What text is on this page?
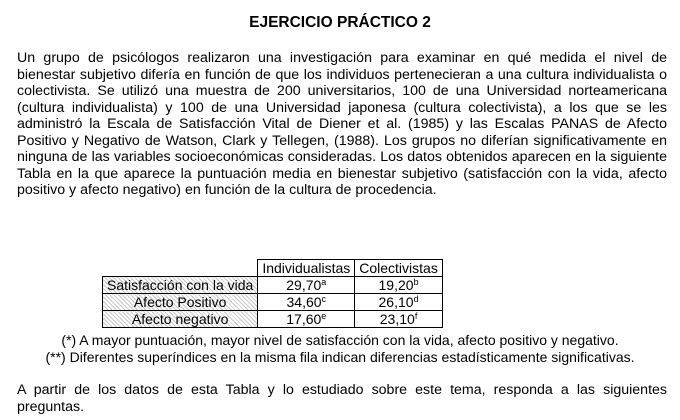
EJERCICIO PRÁCTICO 2

Un grupo de psicólogos realizaron una investigación para examinar en qué medida el nivel de bienestar subjetivo difería en función de que los individuos pertenecieran a una cultura individualista o colectivista. Se utilizó una muestra de 200 universitarios, 100 de una Universidad norteamericana (cultura individualista) y 100 de una Universidad japonesa (cultura colectivista), a los que se les administró la Escala de Satisfacción Vital de Diener et al. (1985) y las Escalas PANAS de Afecto Positivo y Negativo de Watson, Clark y Tellegen, (1988). Los grupos no diferían significativamente en ninguna de las variables socioeconómicas consideradas. Los datos obtenidos aparecen en la siguiente Tabla en la que aparece la puntuación media en bienestar subjetivo (satisfacción con la vida, afecto positivo y afecto negativo) en función de la cultura de procedencia.

	Individualistas	Colectivistas
Satisfacción con la vida	29,70$^a$	19,20$^b$
Afecto Positivo	34,60$^c$	26,10$^d$
Afecto negativo	17,60e	23,10$^f$

(*) A mayor puntuación, mayor nivel de satisfacción con la vida, afecto positivo y negativo.

(**) Diferentes superíndices en la misma fila indican diferencias estadísticamente significativas.

A partir de los datos de esta Tabla y lo estudiado sobre este tema, responda a las siguientes preguntas.
